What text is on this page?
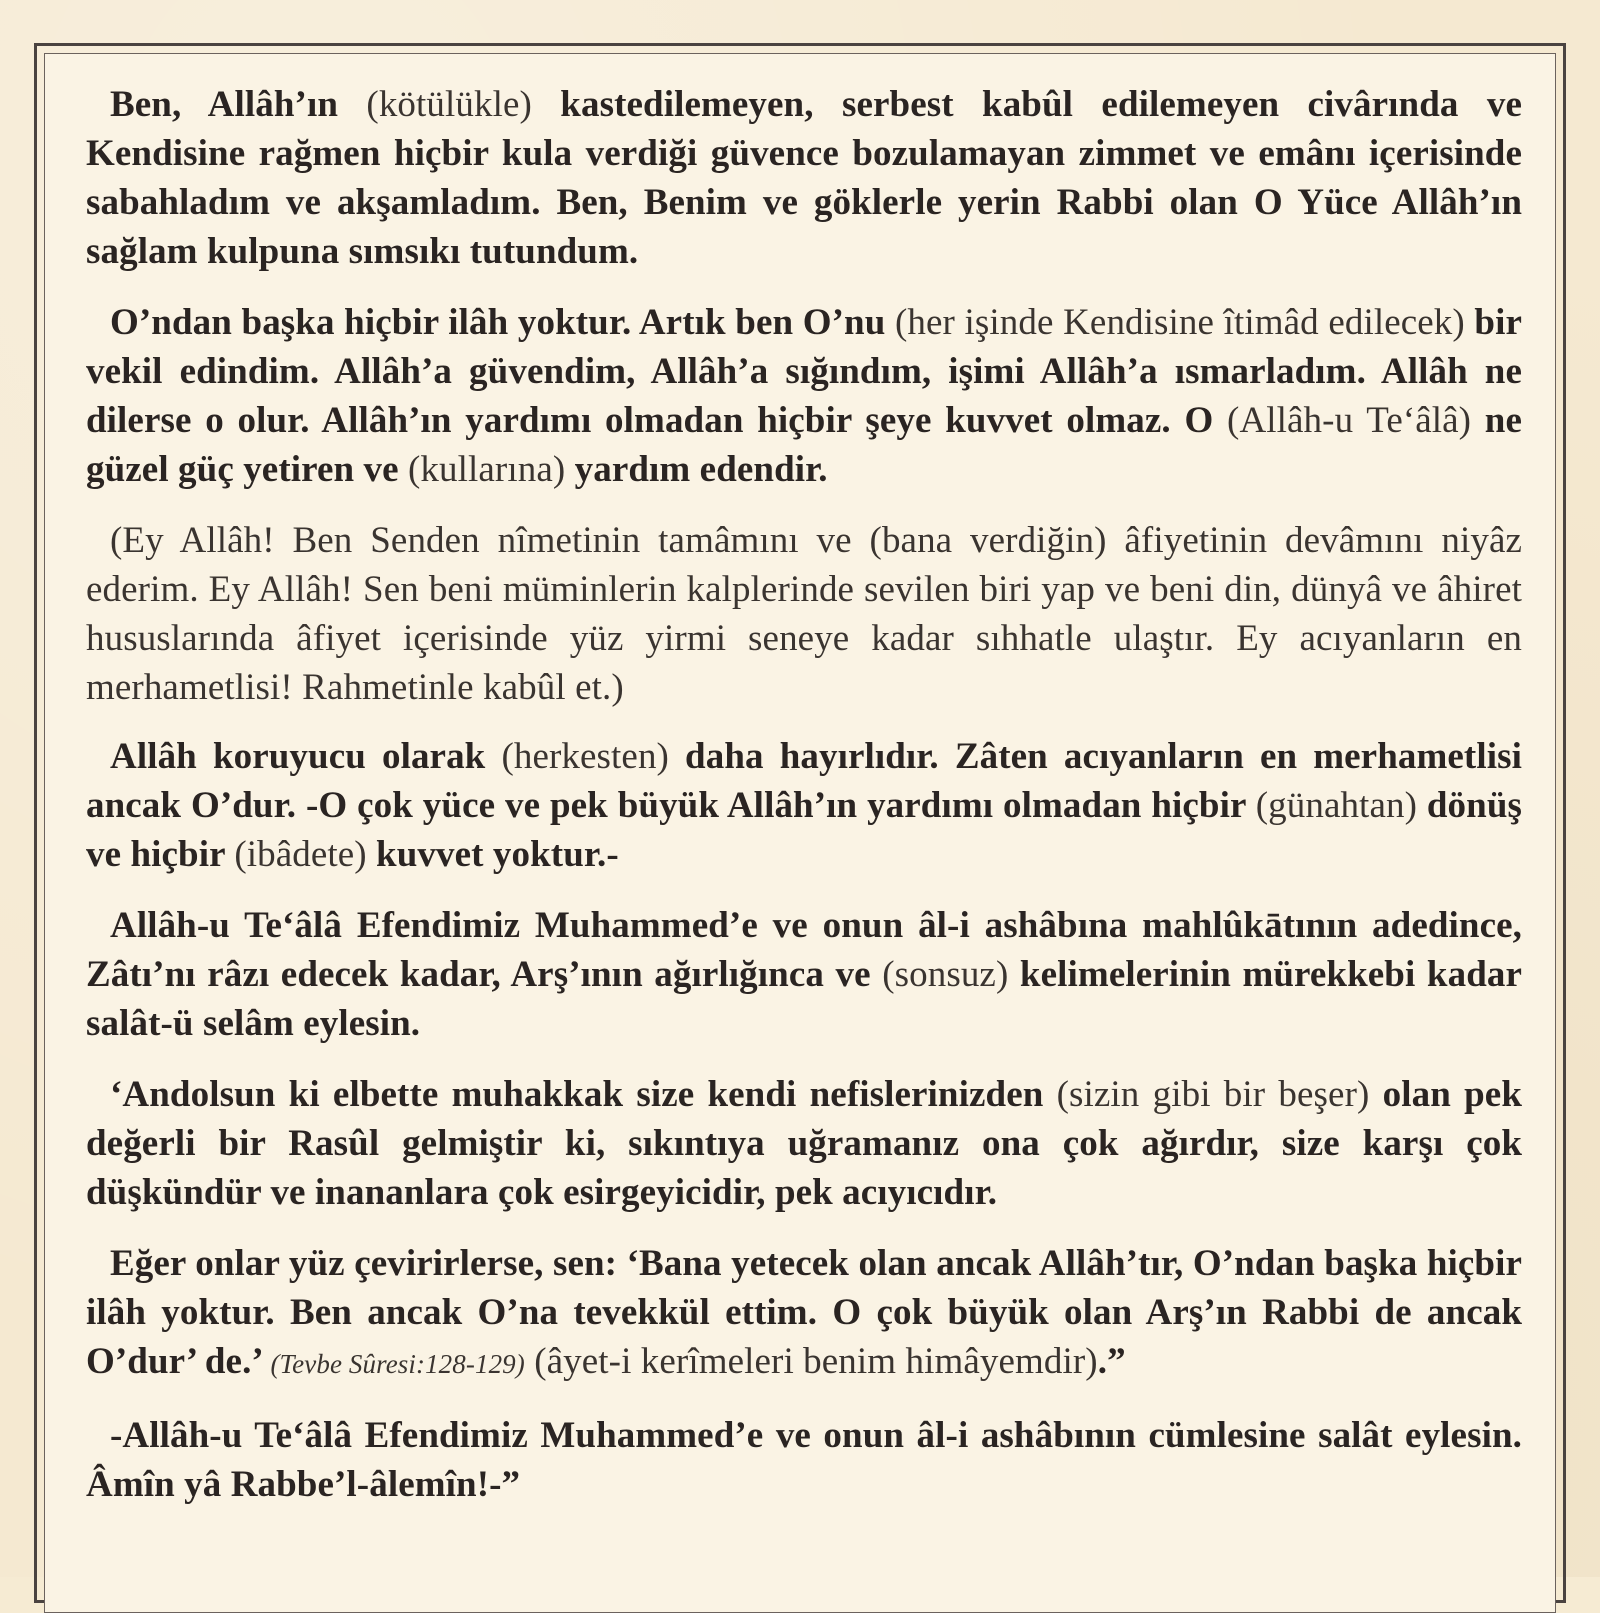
Ben, Allâh’ın (kötülükle) kastedilemeyen, serbest kabûl edilemeyen civârında ve Kendisine rağmen hiçbir kula verdiği güvence bozulamayan zimmet ve emânı içerisinde sabahladım ve akşamladım. Ben, Benim ve göklerle yerin Rabbi olan O Yüce Allâh’ın sağlam kulpuna sımsıkı tutundum.

O’ndan başka hiçbir ilâh yoktur. Artık ben O’nu (her işinde Kendisine îtimâd edilecek) bir vekil edindim. Allâh’a güvendim, Allâh’a sığındım, işimi Allâh’a ısmarladım. Allâh ne dilerse o olur. Allâh’ın yardımı olmadan hiçbir şeye kuvvet olmaz. O (Allâh-u Te‘âlâ) ne güzel güç yetiren ve (kullarına) yardım edendir.

(Ey Allâh! Ben Senden nîmetinin tamâmını ve (bana verdiğin) âfiyetinin devâmını niyâz ederim. Ey Allâh! Sen beni müminlerin kalplerinde sevilen biri yap ve beni din, dünyâ ve âhiret hususlarında âfiyet içerisinde yüz yirmi seneye kadar sıhhatle ulaştır. Ey acıyanların en merhametlisi! Rahmetinle kabûl et.)

Allâh koruyucu olarak (herkesten) daha hayırlıdır. Zâten acıyanların en merhametlisi ancak O’dur. -O çok yüce ve pek büyük Allâh’ın yardımı olmadan hiçbir (günahtan) dönüş ve hiçbir (ibâdete) kuvvet yoktur.-

Allâh-u Te‘âlâ Efendimiz Muhammed’e ve onun âl-i ashâbına mahlûkātının adedince, Zâtı’nı râzı edecek kadar, Arş’ının ağırlığınca ve (sonsuz) kelimelerinin mürekkebi kadar salât-ü selâm eylesin.

‘Andolsun ki elbette muhakkak size kendi nefislerinizden (sizin gibi bir beşer) olan pek değerli bir Rasûl gelmiştir ki, sıkıntıya uğramanız ona çok ağırdır, size karşı çok düşkündür ve inananlara çok esirgeyicidir, pek acıyıcıdır.

Eğer onlar yüz çevirirlerse, sen: ‘Bana yetecek olan ancak Allâh’tır, O’ndan başka hiçbir ilâh yoktur. Ben ancak O’na tevekkül ettim. O çok büyük olan Arş’ın Rabbi de ancak O’dur’ de.’ (Tevbe Sûresi:128-129) (âyet-i kerîmeleri benim himâyemdir).”

-Allâh-u Te‘âlâ Efendimiz Muhammed’e ve onun âl-i ashâbının cümlesine salât eylesin. Âmîn yâ Rabbe’l-âlemîn!-”
